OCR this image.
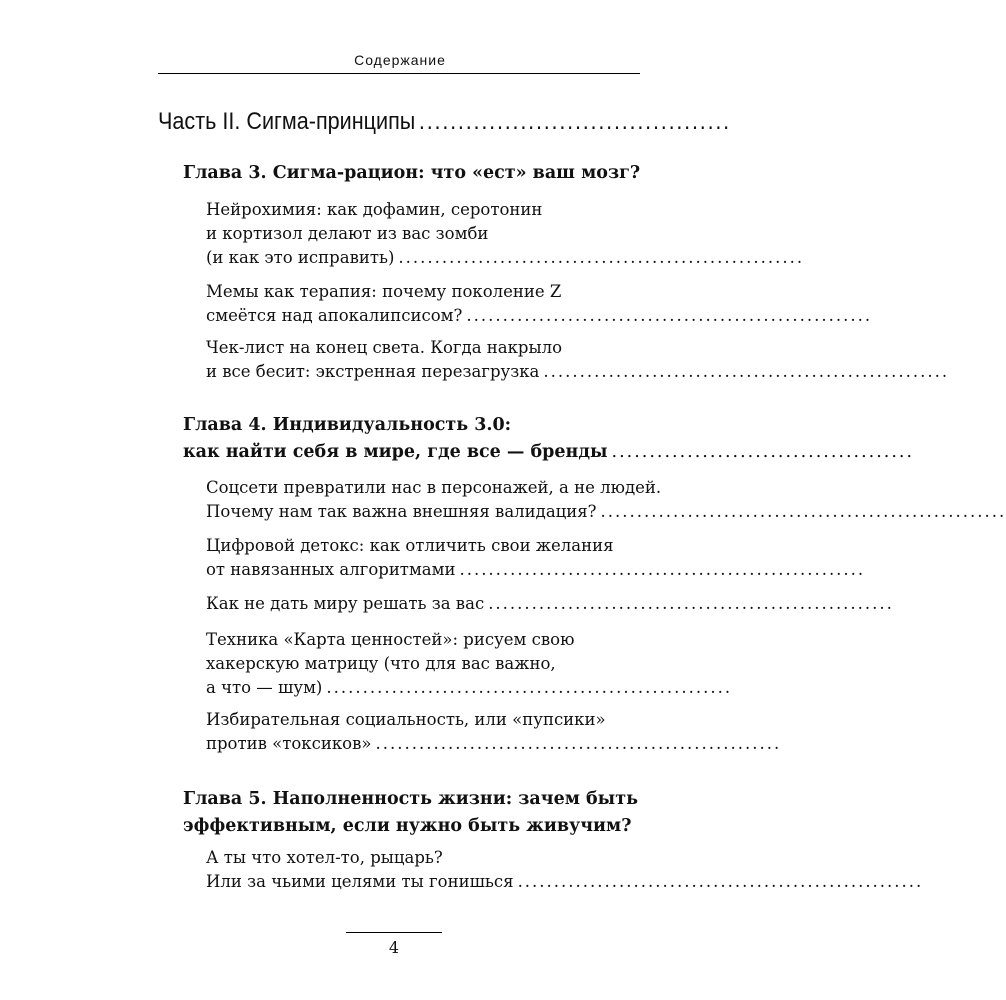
Содержание
Часть II. Сигма-принципы ........................................
Глава 3. Сигма-рацион: что «ест» ваш мозг?
Нейрохимия: как дофамин, серотонин
и кортизол делают из вас зомби
(и как это исправить) ........................................................
Мемы как терапия: почему поколение Z
смеётся над апокалипсисом? ........................................................
Чек-лист на конец света. Когда накрыло
и все бесит: экстренная перезагрузка ........................................................
Глава 4. Индивидуальность 3.0:
как найти себя в мире, где все — бренды ........................................
Соцсети превратили нас в персонажей, а не людей.
Почему нам так важна внешняя валидация? ........................................................
Цифровой детокс: как отличить свои желания
от навязанных алгоритмами ........................................................
Как не дать миру решать за вас ........................................................
Техника «Карта ценностей»: рисуем свою
хакерскую матрицу (что для вас важно,
а что — шум) ........................................................
Избирательная социальность, или «пупсики»
против «токсиков» ........................................................
Глава 5. Наполненность жизни: зачем быть
эффективным, если нужно быть живучим?
А ты что хотел-то, рыцарь?
Или за чьими целями ты гонишься ........................................................
4
